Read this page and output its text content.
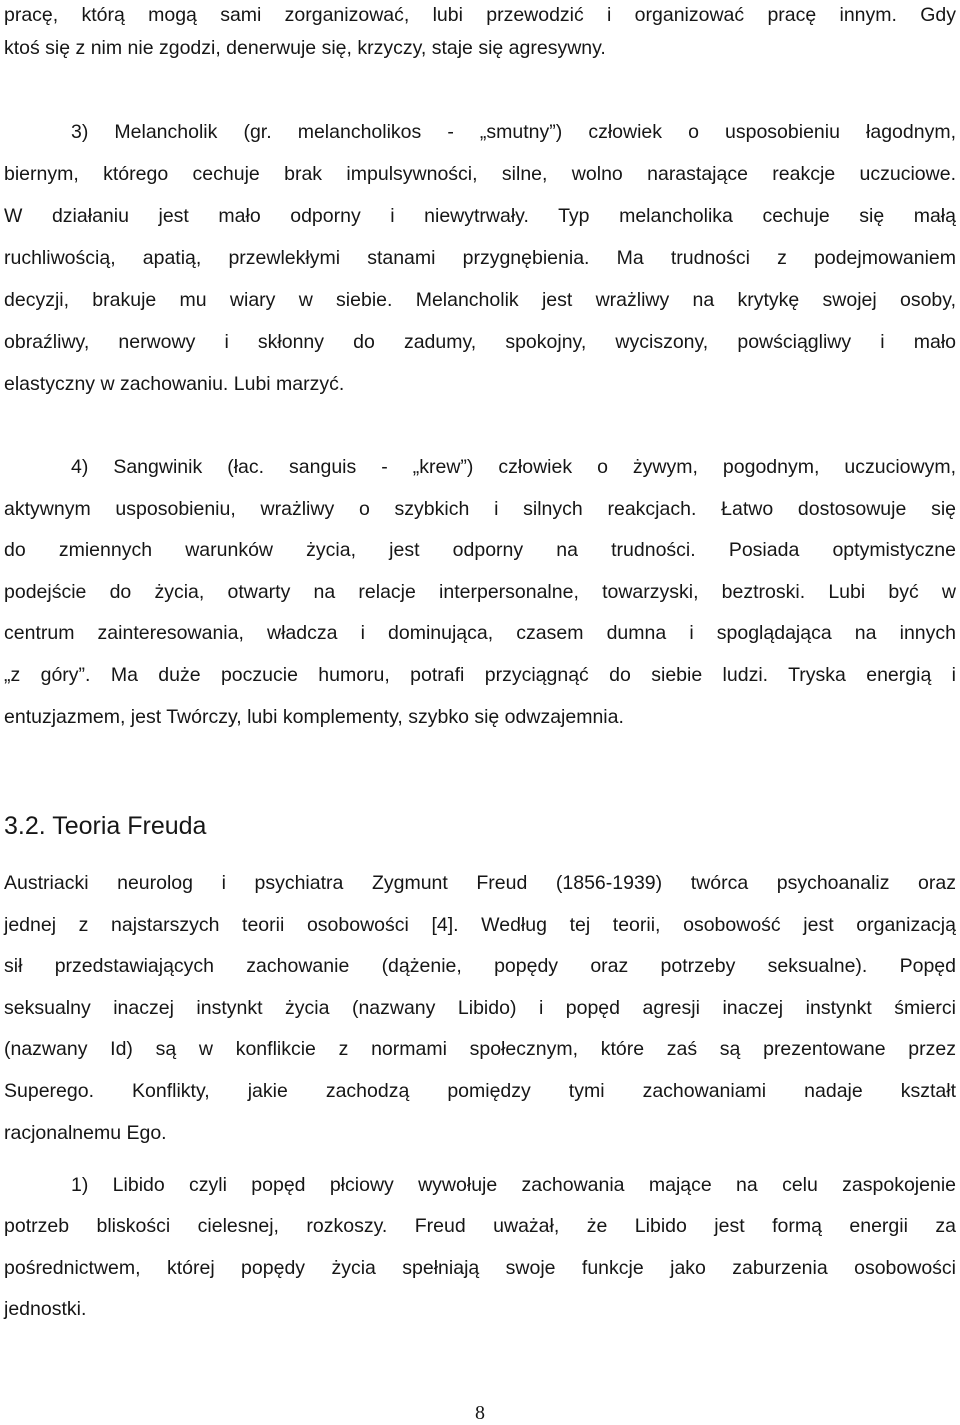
pracę, którą mogą sami zorganizować, lubi przewodzić i organizować pracę innym. Gdy
ktoś się z nim nie zgodzi, denerwuje się, krzyczy, staje się agresywny.
3) Melancholik (gr. melancholikos - „smutny”) człowiek o usposobieniu łagodnym,
biernym, którego cechuje brak impulsywności, silne, wolno narastające reakcje uczuciowe.
W działaniu jest mało odporny i niewytrwały. Typ melancholika cechuje się małą
ruchliwością, apatią, przewlekłymi stanami przygnębienia. Ma trudności z podejmowaniem
decyzji, brakuje mu wiary w siebie. Melancholik jest wrażliwy na krytykę swojej osoby,
obraźliwy, nerwowy i skłonny do zadumy, spokojny, wyciszony, powściągliwy i mało
elastyczny w zachowaniu. Lubi marzyć.
4) Sangwinik (łac. sanguis - „krew”) człowiek o żywym, pogodnym, uczuciowym,
aktywnym usposobieniu, wrażliwy o szybkich i silnych reakcjach. Łatwo dostosowuje się
do zmiennych warunków życia, jest odporny na trudności. Posiada optymistyczne
podejście do życia, otwarty na relacje interpersonalne, towarzyski, beztroski. Lubi być w
centrum zainteresowania, władcza i dominująca, czasem dumna i spoglądająca na innych
„z góry”. Ma duże poczucie humoru, potrafi przyciągnąć do siebie ludzi. Tryska energią i
entuzjazmem, jest Twórczy, lubi komplementy, szybko się odwzajemnia.
3.2. Teoria Freuda
Austriacki neurolog i psychiatra Zygmunt Freud (1856-1939) twórca psychoanaliz oraz
jednej z najstarszych teorii osobowości [4]. Według tej teorii, osobowość jest organizacją
sił przedstawiających zachowanie (dążenie, popędy oraz potrzeby seksualne). Popęd
seksualny inaczej instynkt życia (nazwany Libido) i popęd agresji inaczej instynkt śmierci
(nazwany Id) są w konflikcie z normami społecznym, które zaś są prezentowane przez
Superego. Konflikty, jakie zachodzą pomiędzy tymi zachowaniami nadaje kształt
racjonalnemu Ego.
1) Libido czyli popęd płciowy wywołuje zachowania mające na celu zaspokojenie
potrzeb bliskości cielesnej, rozkoszy. Freud uważał, że Libido jest formą energii za
pośrednictwem, której popędy życia spełniają swoje funkcje jako zaburzenia osobowości
jednostki.
8
